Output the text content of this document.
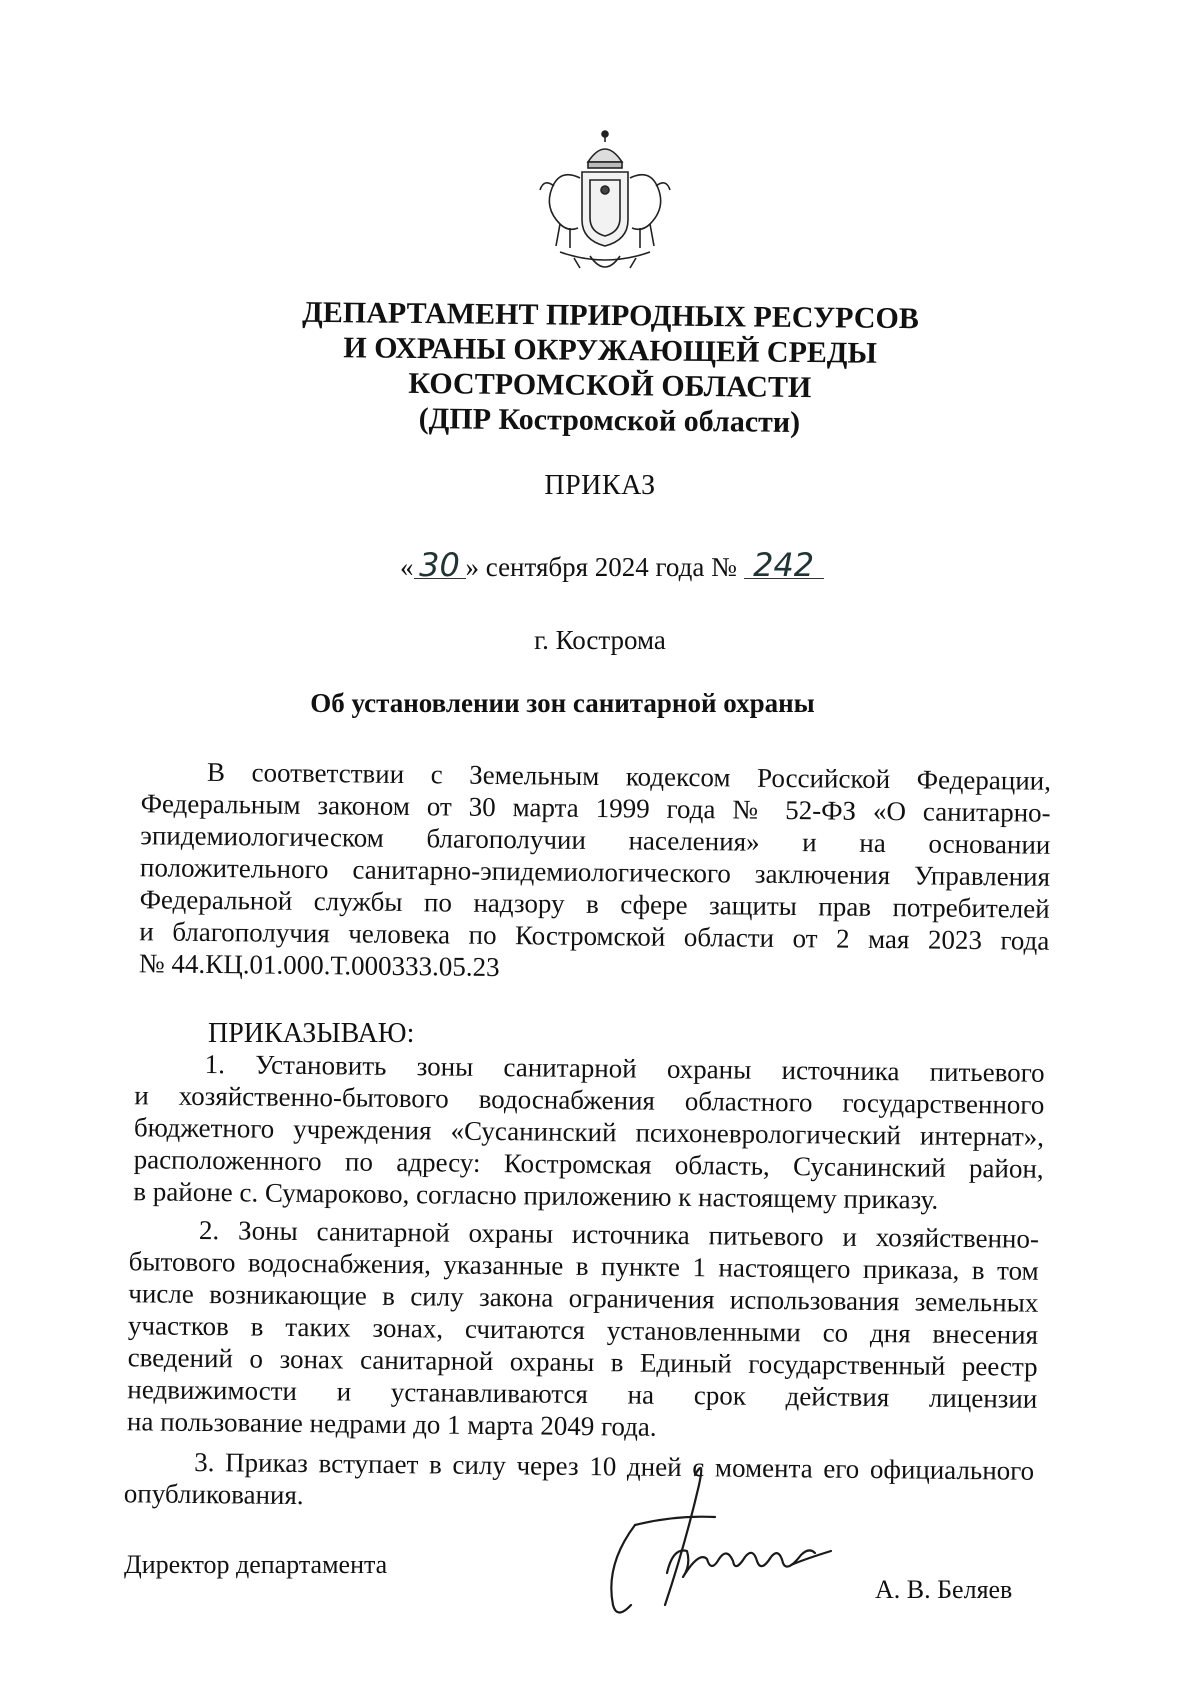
ДЕПАРТАМЕНТ ПРИРОДНЫХ РЕСУРСОВ
И ОХРАНЫ ОКРУЖАЮЩЕЙ СРЕДЫ
КОСТРОМСКОЙ ОБЛАСТИ
(ДПР Костромской области)
ПРИКАЗ
« 30 » сентября 2024 года № 242
г. Кострома
Об установлении зон санитарной охраны
В соответствии с Земельным кодексом Российской Федерации,
Федеральным законом от 30 марта 1999 года № 52-ФЗ «О санитарно-
эпидемиологическом благополучии населения» и на основании
положительного санитарно-эпидемиологического заключения Управления
Федеральной службы по надзору в сфере защиты прав потребителей
и благополучия человека по Костромской области от 2 мая 2023 года
№ 44.КЦ.01.000.Т.000333.05.23
ПРИКАЗЫВАЮ:
1. Установить зоны санитарной охраны источника питьевого
и хозяйственно-бытового водоснабжения областного государственного
бюджетного учреждения «Сусанинский психоневрологический интернат»,
расположенного по адресу: Костромская область, Сусанинский район,
в районе с. Сумароково, согласно приложению к настоящему приказу.
2. Зоны санитарной охраны источника питьевого и хозяйственно-
бытового водоснабжения, указанные в пункте 1 настоящего приказа, в том
числе возникающие в силу закона ограничения использования земельных
участков в таких зонах, считаются установленными со дня внесения
сведений о зонах санитарной охраны в Единый государственный реестр
недвижимости и устанавливаются на срок действия лицензии
на пользование недрами до 1 марта 2049 года.
3. Приказ вступает в силу через 10 дней с момента его официального
опубликования.
Директор департамента
А. В. Беляев
